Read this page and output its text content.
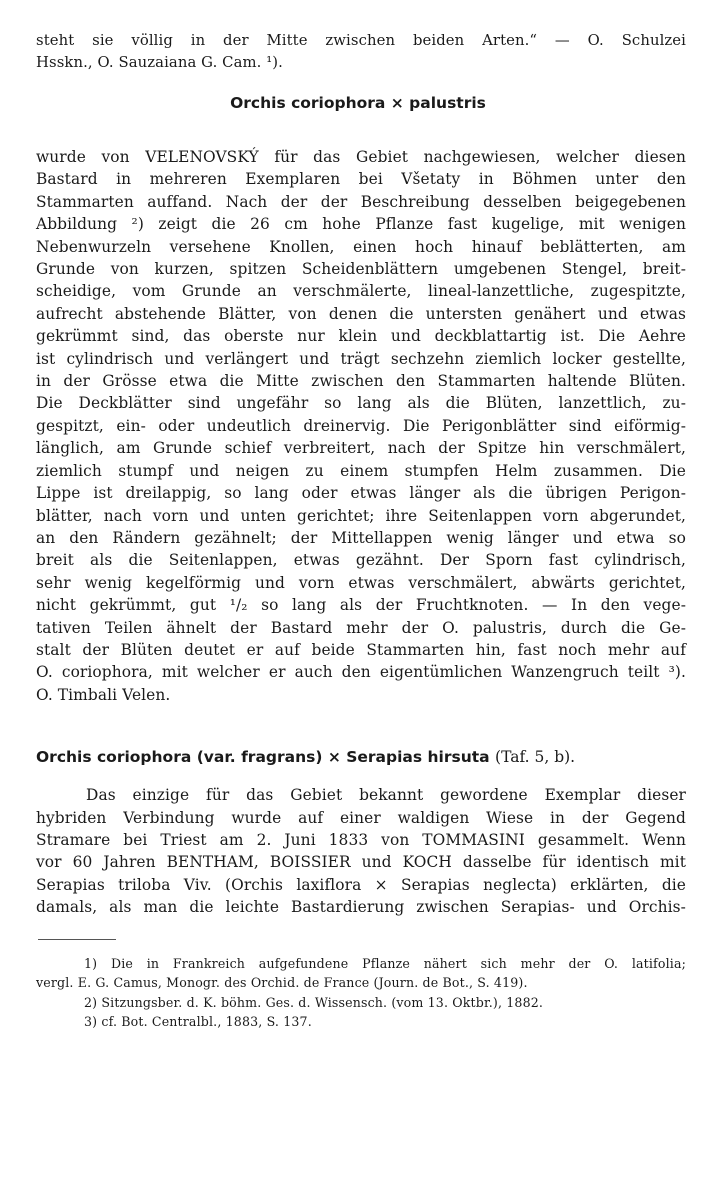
steht sie völlig in der Mitte zwischen beiden Arten.“ — O. Schulzei
Hsskn., O. Sauzaiana G. Cam. ¹).
Orchis coriophora × palustris
wurde von VELENOVSKÝ für das Gebiet nachgewiesen, welcher diesen
Bastard in mehreren Exemplaren bei Všetaty in Böhmen unter den
Stammarten auffand. Nach der der Beschreibung desselben beigegebenen
Abbildung ²) zeigt die 26 cm hohe Pflanze fast kugelige, mit wenigen
Nebenwurzeln versehene Knollen, einen hoch hinauf beblätterten, am
Grunde von kurzen, spitzen Scheidenblättern umgebenen Stengel, breit-
scheidige, vom Grunde an verschmälerte, lineal-lanzettliche, zugespitzte,
aufrecht abstehende Blätter, von denen die untersten genähert und etwas
gekrümmt sind, das oberste nur klein und deckblattartig ist. Die Aehre
ist cylindrisch und verlängert und trägt sechzehn ziemlich locker gestellte,
in der Grösse etwa die Mitte zwischen den Stammarten haltende Blüten.
Die Deckblätter sind ungefähr so lang als die Blüten, lanzettlich, zu-
gespitzt, ein- oder undeutlich dreinervig. Die Perigonblätter sind eiförmig-
länglich, am Grunde schief verbreitert, nach der Spitze hin verschmälert,
ziemlich stumpf und neigen zu einem stumpfen Helm zusammen. Die
Lippe ist dreilappig, so lang oder etwas länger als die übrigen Perigon-
blätter, nach vorn und unten gerichtet; ihre Seitenlappen vorn abgerundet,
an den Rändern gezähnelt; der Mittellappen wenig länger und etwa so
breit als die Seitenlappen, etwas gezähnt. Der Sporn fast cylindrisch,
sehr wenig kegelförmig und vorn etwas verschmälert, abwärts gerichtet,
nicht gekrümmt, gut ¹/₂ so lang als der Fruchtknoten. — In den vege-
tativen Teilen ähnelt der Bastard mehr der O. palustris, durch die Ge-
stalt der Blüten deutet er auf beide Stammarten hin, fast noch mehr auf
O. coriophora, mit welcher er auch den eigentümlichen Wanzengruch teilt ³).
O. Timbali Velen.
Orchis coriophora (var. fragrans) × Serapias hirsuta (Taf. 5, b).
Das einzige für das Gebiet bekannt gewordene Exemplar dieser
hybriden Verbindung wurde auf einer waldigen Wiese in der Gegend
Stramare bei Triest am 2. Juni 1833 von TOMMASINI gesammelt. Wenn
vor 60 Jahren BENTHAM, BOISSIER und KOCH dasselbe für identisch mit
Serapias triloba Viv. (Orchis laxiflora × Serapias neglecta) erklärten, die
damals, als man die leichte Bastardierung zwischen Serapias- und Orchis-
1) Die in Frankreich aufgefundene Pflanze nähert sich mehr der O. latifolia;
vergl. E. G. Camus, Monogr. des Orchid. de France (Journ. de Bot., S. 419).
2) Sitzungsber. d. K. böhm. Ges. d. Wissensch. (vom 13. Oktbr.), 1882.
3) cf. Bot. Centralbl., 1883, S. 137.
